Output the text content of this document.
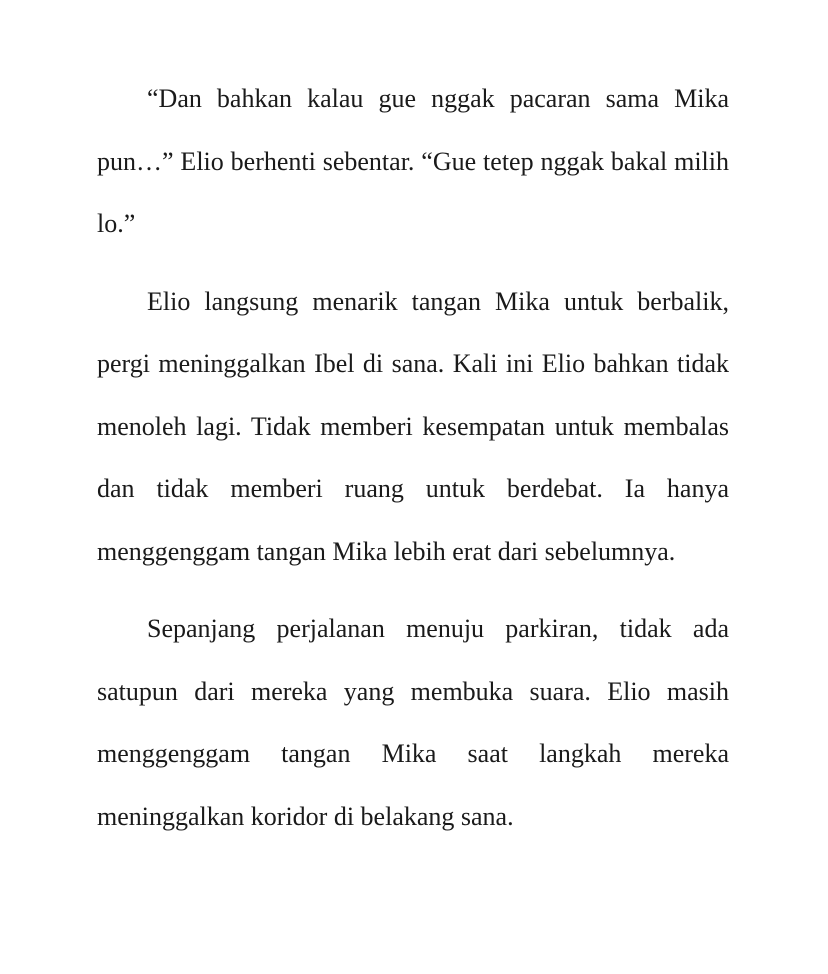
“Dan bahkan kalau gue nggak pacaran sama Mika pun…” Elio berhenti sebentar. “Gue tetep nggak bakal milih lo.”

Elio langsung menarik tangan Mika untuk berbalik, pergi meninggalkan Ibel di sana. Kali ini Elio bahkan tidak menoleh lagi. Tidak memberi kesempatan untuk membalas dan tidak memberi ruang untuk berdebat. Ia hanya menggenggam tangan Mika lebih erat dari sebelumnya.

Sepanjang perjalanan menuju parkiran, tidak ada satupun dari mereka yang membuka suara. Elio masih menggenggam tangan Mika saat langkah mereka meninggalkan koridor di belakang sana.
